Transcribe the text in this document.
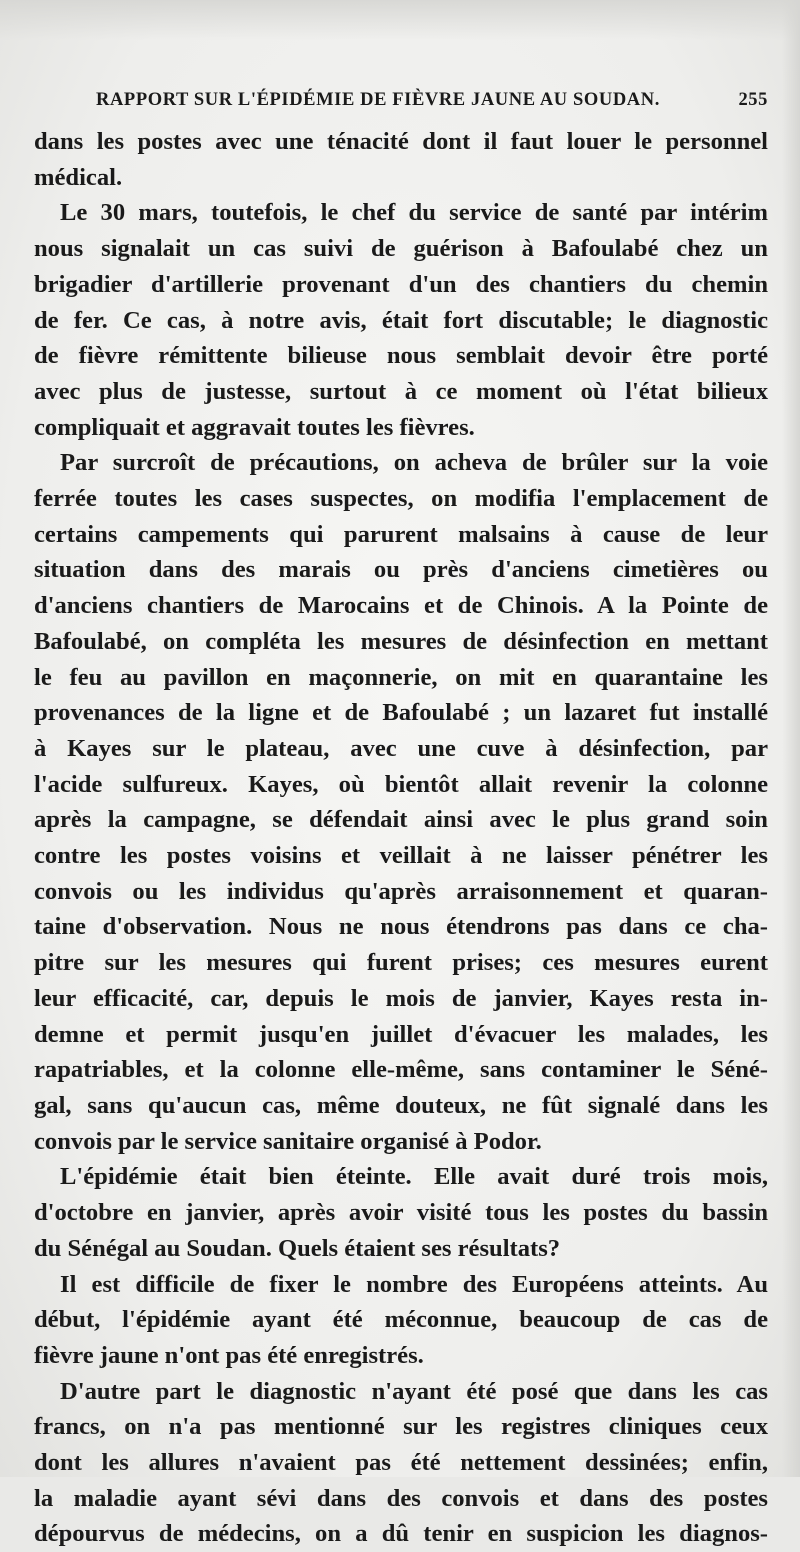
RAPPORT SUR L'ÉPIDÉMIE DE FIÈVRE JAUNE AU SOUDAN.	255
dans les postes avec une ténacité dont il faut louer le personnel
médical.
Le 30 mars, toutefois, le chef du service de santé par intérim
nous signalait un cas suivi de guérison à Bafoulabé chez un
brigadier d'artillerie provenant d'un des chantiers du chemin
de fer. Ce cas, à notre avis, était fort discutable; le diagnostic
de fièvre rémittente bilieuse nous semblait devoir être porté
avec plus de justesse, surtout à ce moment où l'état bilieux
compliquait et aggravait toutes les fièvres.
Par surcroît de précautions, on acheva de brûler sur la voie
ferrée toutes les cases suspectes, on modifia l'emplacement de
certains campements qui parurent malsains à cause de leur
situation dans des marais ou près d'anciens cimetières ou
d'anciens chantiers de Marocains et de Chinois. A la Pointe de
Bafoulabé, on compléta les mesures de désinfection en mettant
le feu au pavillon en maçonnerie, on mit en quarantaine les
provenances de la ligne et de Bafoulabé ; un lazaret fut installé
à Kayes sur le plateau, avec une cuve à désinfection, par
l'acide sulfureux. Kayes, où bientôt allait revenir la colonne
après la campagne, se défendait ainsi avec le plus grand soin
contre les postes voisins et veillait à ne laisser pénétrer les
convois ou les individus qu'après arraisonnement et quaran-
taine d'observation. Nous ne nous étendrons pas dans ce cha-
pitre sur les mesures qui furent prises; ces mesures eurent
leur efficacité, car, depuis le mois de janvier, Kayes resta in-
demne et permit jusqu'en juillet d'évacuer les malades, les
rapatriables, et la colonne elle-même, sans contaminer le Séné-
gal, sans qu'aucun cas, même douteux, ne fût signalé dans les
convois par le service sanitaire organisé à Podor.
L'épidémie était bien éteinte. Elle avait duré trois mois,
d'octobre en janvier, après avoir visité tous les postes du bassin
du Sénégal au Soudan. Quels étaient ses résultats?
Il est difficile de fixer le nombre des Européens atteints. Au
début, l'épidémie ayant été méconnue, beaucoup de cas de
fièvre jaune n'ont pas été enregistrés.
D'autre part le diagnostic n'ayant été posé que dans les cas
francs, on n'a pas mentionné sur les registres cliniques ceux
dont les allures n'avaient pas été nettement dessinées; enfin,
la maladie ayant sévi dans des convois et dans des postes
dépourvus de médecins, on a dû tenir en suspicion les diagnos-
